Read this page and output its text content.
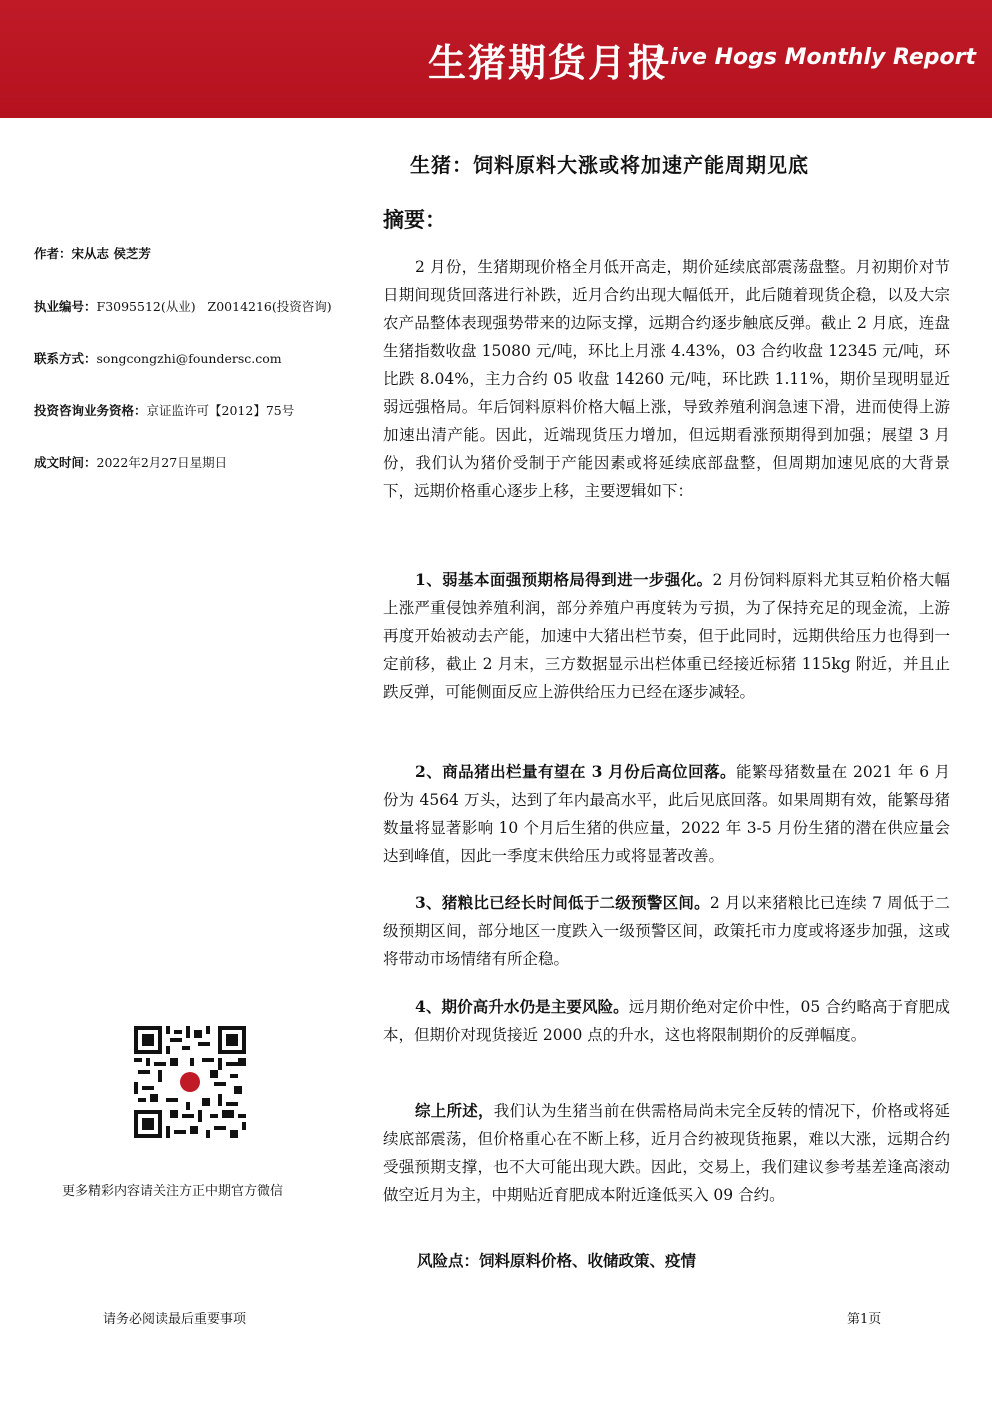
生猪期货月报
Live Hogs Monthly Report
生猪：饲料原料大涨或将加速产能周期见底
摘要：
作者：宋从志 侯芝芳
执业编号：F3095512(从业)   Z0014216(投资咨询)
联系方式：songcongzhi@foundersc.com
投资咨询业务资格：京证监许可【2012】75号
成文时间：2022年2月27日星期日
更多精彩内容请关注方正中期官方微信

2 月份，生猪期现价格全月低开高走，期价延续底部震荡盘整。月初期价对节日期间现货回落进行补跌，近月合约出现大幅低开，此后随着现货企稳，以及大宗农产品整体表现强势带来的边际支撑，远期合约逐步触底反弹。截止 2 月底，连盘生猪指数收盘 15080 元/吨，环比上月涨 4.43%，03 合约收盘 12345 元/吨，环比跌 8.04%，主力合约 05 收盘 14260 元/吨，环比跌 1.11%，期价呈现明显近弱远强格局。年后饲料原料价格大幅上涨，导致养殖利润急速下滑，进而使得上游加速出清产能。因此，近端现货压力增加，但远期看涨预期得到加强；展望 3 月份，我们认为猪价受制于产能因素或将延续底部盘整，但周期加速见底的大背景下，远期价格重心逐步上移，主要逻辑如下：

1、弱基本面强预期格局得到进一步强化。2 月份饲料原料尤其豆粕价格大幅上涨严重侵蚀养殖利润，部分养殖户再度转为亏损，为了保持充足的现金流，上游再度开始被动去产能，加速中大猪出栏节奏，但于此同时，远期供给压力也得到一定前移，截止 2 月末，三方数据显示出栏体重已经接近标猪 115kg 附近，并且止跌反弹，可能侧面反应上游供给压力已经在逐步减轻。

2、商品猪出栏量有望在 3 月份后高位回落。能繁母猪数量在 2021 年 6 月份为 4564 万头，达到了年内最高水平，此后见底回落。如果周期有效，能繁母猪数量将显著影响 10 个月后生猪的供应量，2022 年 3-5 月份生猪的潜在供应量会达到峰值，因此一季度末供给压力或将显著改善。

3、猪粮比已经长时间低于二级预警区间。2 月以来猪粮比已连续 7 周低于二级预期区间，部分地区一度跌入一级预警区间，政策托市力度或将逐步加强，这或将带动市场情绪有所企稳。

4、期价高升水仍是主要风险。远月期价绝对定价中性，05 合约略高于育肥成本，但期价对现货接近 2000 点的升水，这也将限制期价的反弹幅度。

综上所述，我们认为生猪当前在供需格局尚未完全反转的情况下，价格或将延续底部震荡，但价格重心在不断上移，近月合约被现货拖累，难以大涨，远期合约受强预期支撑，也不大可能出现大跌。因此，交易上，我们建议参考基差逢高滚动做空近月为主，中期贴近育肥成本附近逢低买入 09 合约。

风险点：饲料原料价格、收储政策、疫情
请务必阅读最后重要事项	第1页
